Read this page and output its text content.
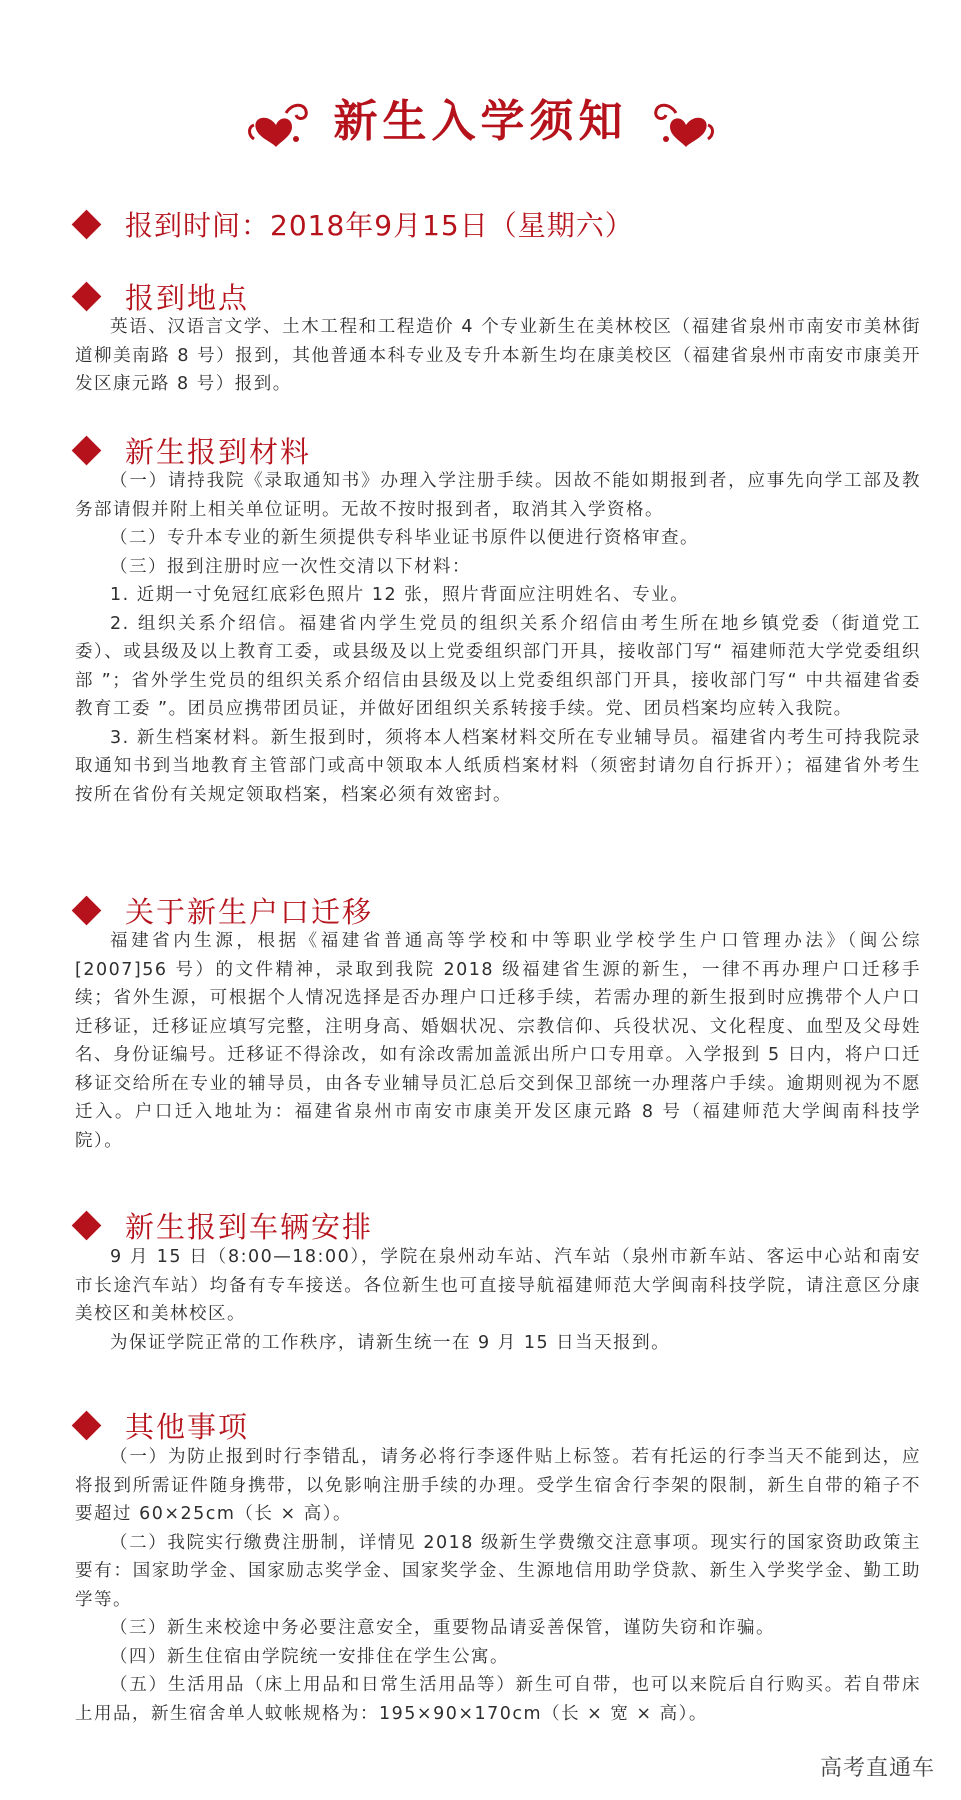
新生入学须知
报到时间：2018年9月15日（星期六）
报到地点

英语、汉语言文学、土木工程和工程造价 4 个专业新生在美林校区（福建省泉州市南安市美林街道柳美南路 8 号）报到，其他普通本科专业及专升本新生均在康美校区（福建省泉州市南安市康美开发区康元路 8 号）报到。

新生报到材料

（一）请持我院《录取通知书》办理入学注册手续。因故不能如期报到者，应事先向学工部及教务部请假并附上相关单位证明。无故不按时报到者，取消其入学资格。

（二）专升本专业的新生须提供专科毕业证书原件以便进行资格审查。

（三）报到注册时应一次性交清以下材料：

1. 近期一寸免冠红底彩色照片 12 张，照片背面应注明姓名、专业。

2. 组织关系介绍信。福建省内学生党员的组织关系介绍信由考生所在地乡镇党委（街道党工委）、或县级及以上教育工委，或县级及以上党委组织部门开具，接收部门写“ 福建师范大学党委组织部 ”；省外学生党员的组织关系介绍信由县级及以上党委组织部门开具，接收部门写“ 中共福建省委教育工委 ”。团员应携带团员证，并做好团组织关系转接手续。党、团员档案均应转入我院。

3. 新生档案材料。新生报到时，须将本人档案材料交所在专业辅导员。福建省内考生可持我院录取通知书到当地教育主管部门或高中领取本人纸质档案材料（须密封请勿自行拆开）；福建省外考生按所在省份有关规定领取档案，档案必须有效密封。

关于新生户口迁移

福建省内生源，根据《福建省普通高等学校和中等职业学校学生户口管理办法》（闽公综[2007]56 号）的文件精神，录取到我院 2018 级福建省生源的新生，一律不再办理户口迁移手续；省外生源，可根据个人情况选择是否办理户口迁移手续，若需办理的新生报到时应携带个人户口迁移证，迁移证应填写完整，注明身高、婚姻状况、宗教信仰、兵役状况、文化程度、血型及父母姓名、身份证编号。迁移证不得涂改，如有涂改需加盖派出所户口专用章。入学报到 5 日内，将户口迁移证交给所在专业的辅导员，由各专业辅导员汇总后交到保卫部统一办理落户手续。逾期则视为不愿迁入。户口迁入地址为：福建省泉州市南安市康美开发区康元路 8 号（福建师范大学闽南科技学院）。

新生报到车辆安排

9 月 15 日（8:00—18:00），学院在泉州动车站、汽车站（泉州市新车站、客运中心站和南安市长途汽车站）均备有专车接送。各位新生也可直接导航福建师范大学闽南科技学院，请注意区分康美校区和美林校区。

为保证学院正常的工作秩序，请新生统一在 9 月 15 日当天报到。

其他事项

（一）为防止报到时行李错乱，请务必将行李逐件贴上标签。若有托运的行李当天不能到达，应将报到所需证件随身携带，以免影响注册手续的办理。受学生宿舍行李架的限制，新生自带的箱子不要超过 60×25cm（长 × 高）。

（二）我院实行缴费注册制，详情见 2018 级新生学费缴交注意事项。现实行的国家资助政策主要有：国家助学金、国家励志奖学金、国家奖学金、生源地信用助学贷款、新生入学奖学金、勤工助学等。

（三）新生来校途中务必要注意安全，重要物品请妥善保管，谨防失窃和诈骗。

（四）新生住宿由学院统一安排住在学生公寓。

（五）生活用品（床上用品和日常生活用品等）新生可自带，也可以来院后自行购买。若自带床上用品，新生宿舍单人蚊帐规格为：195×90×170cm（长 × 宽 × 高）。

高考直通车
